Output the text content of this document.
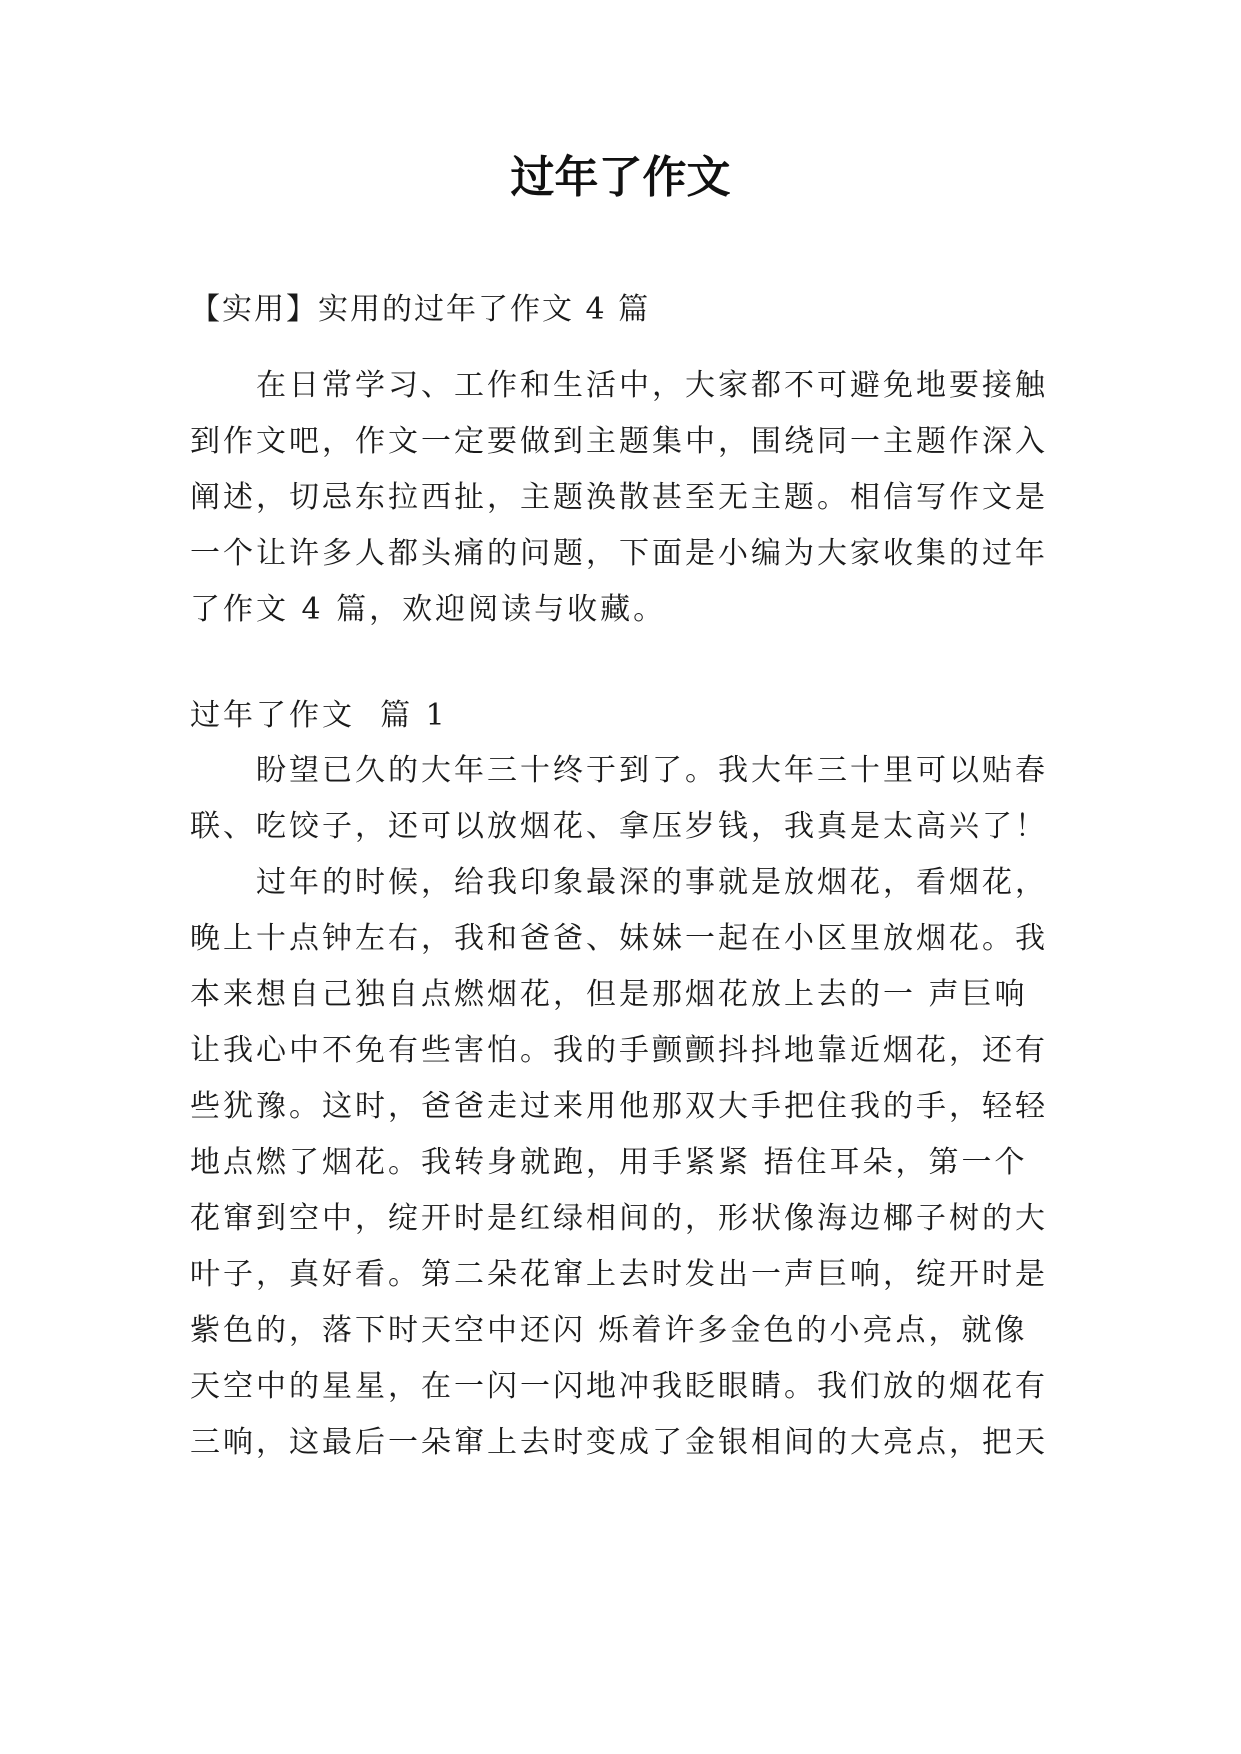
过年了作文

【实用】实用的过年了作文 4 篇

在日常学习、工作和生活中，大家都不可避免地要接触

到作文吧，作文一定要做到主题集中，围绕同一主题作深入

阐述，切忌东拉西扯，主题涣散甚至无主题。相信写作文是

一个让许多人都头痛的问题，下面是小编为大家收集的过年

了作文 4 篇，欢迎阅读与收藏。

过年了作文  篇 1

盼望已久的大年三十终于到了。我大年三十里可以贴春

联、吃饺子，还可以放烟花、拿压岁钱，我真是太高兴了！

过年的时候，给我印象最深的事就是放烟花，看烟花，

晚上十点钟左右，我和爸爸、妹妹一起在小区里放烟花。我

本来想自己独自点燃烟花，但是那烟花放上去的一 声巨响

让我心中不免有些害怕。我的手颤颤抖抖地靠近烟花，还有

些犹豫。这时，爸爸走过来用他那双大手把住我的手，轻轻

地点燃了烟花。我转身就跑，用手紧紧 捂住耳朵，第一个

花窜到空中，绽开时是红绿相间的，形状像海边椰子树的大

叶子，真好看。第二朵花窜上去时发出一声巨响，绽开时是

紫色的，落下时天空中还闪 烁着许多金色的小亮点，就像

天空中的星星，在一闪一闪地冲我眨眼睛。我们放的烟花有

三响，这最后一朵窜上去时变成了金银相间的大亮点，把天
